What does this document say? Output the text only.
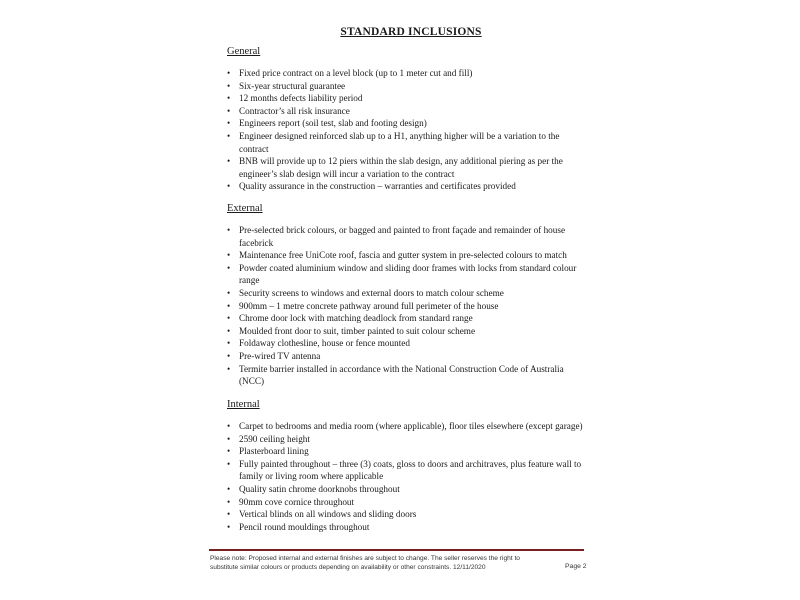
STANDARD INCLUSIONS
General
• Fixed price contract on a level block (up to 1 meter cut and fill)
• Six-year structural guarantee
• 12 months defects liability period
• Contractor’s all risk insurance
• Engineers report (soil test, slab and footing design)
• Engineer designed reinforced slab up to a H1, anything higher will be a variation to the contract
• BNB will provide up to 12 piers within the slab design, any additional piering as per the engineer’s slab design will incur a variation to the contract
• Quality assurance in the construction – warranties and certificates provided
External
• Pre-selected brick colours, or bagged and painted to front façade and remainder of house facebrick
• Maintenance free UniCote roof, fascia and gutter system in pre-selected colours to match
• Powder coated aluminium window and sliding door frames with locks from standard colour range
• Security screens to windows and external doors to match colour scheme
• 900mm – 1 metre concrete pathway around full perimeter of the house
• Chrome door lock with matching deadlock from standard range
• Moulded front door to suit, timber painted to suit colour scheme
• Foldaway clothesline, house or fence mounted
• Pre-wired TV antenna
• Termite barrier installed in accordance with the National Construction Code of Australia (NCC)
Internal
• Carpet to bedrooms and media room (where applicable), floor tiles elsewhere (except garage)
• 2590 ceiling height
• Plasterboard lining
• Fully painted throughout – three (3) coats, gloss to doors and architraves, plus feature wall to family or living room where applicable
• Quality satin chrome doorknobs throughout
• 90mm cove cornice throughout
• Vertical blinds on all windows and sliding doors
• Pencil round mouldings throughout
Please note: Proposed internal and external finishes are subject to change. The seller reserves the right to
substitute similar colours or products depending on availability or other constraints. 12/11/2020	Page 2
